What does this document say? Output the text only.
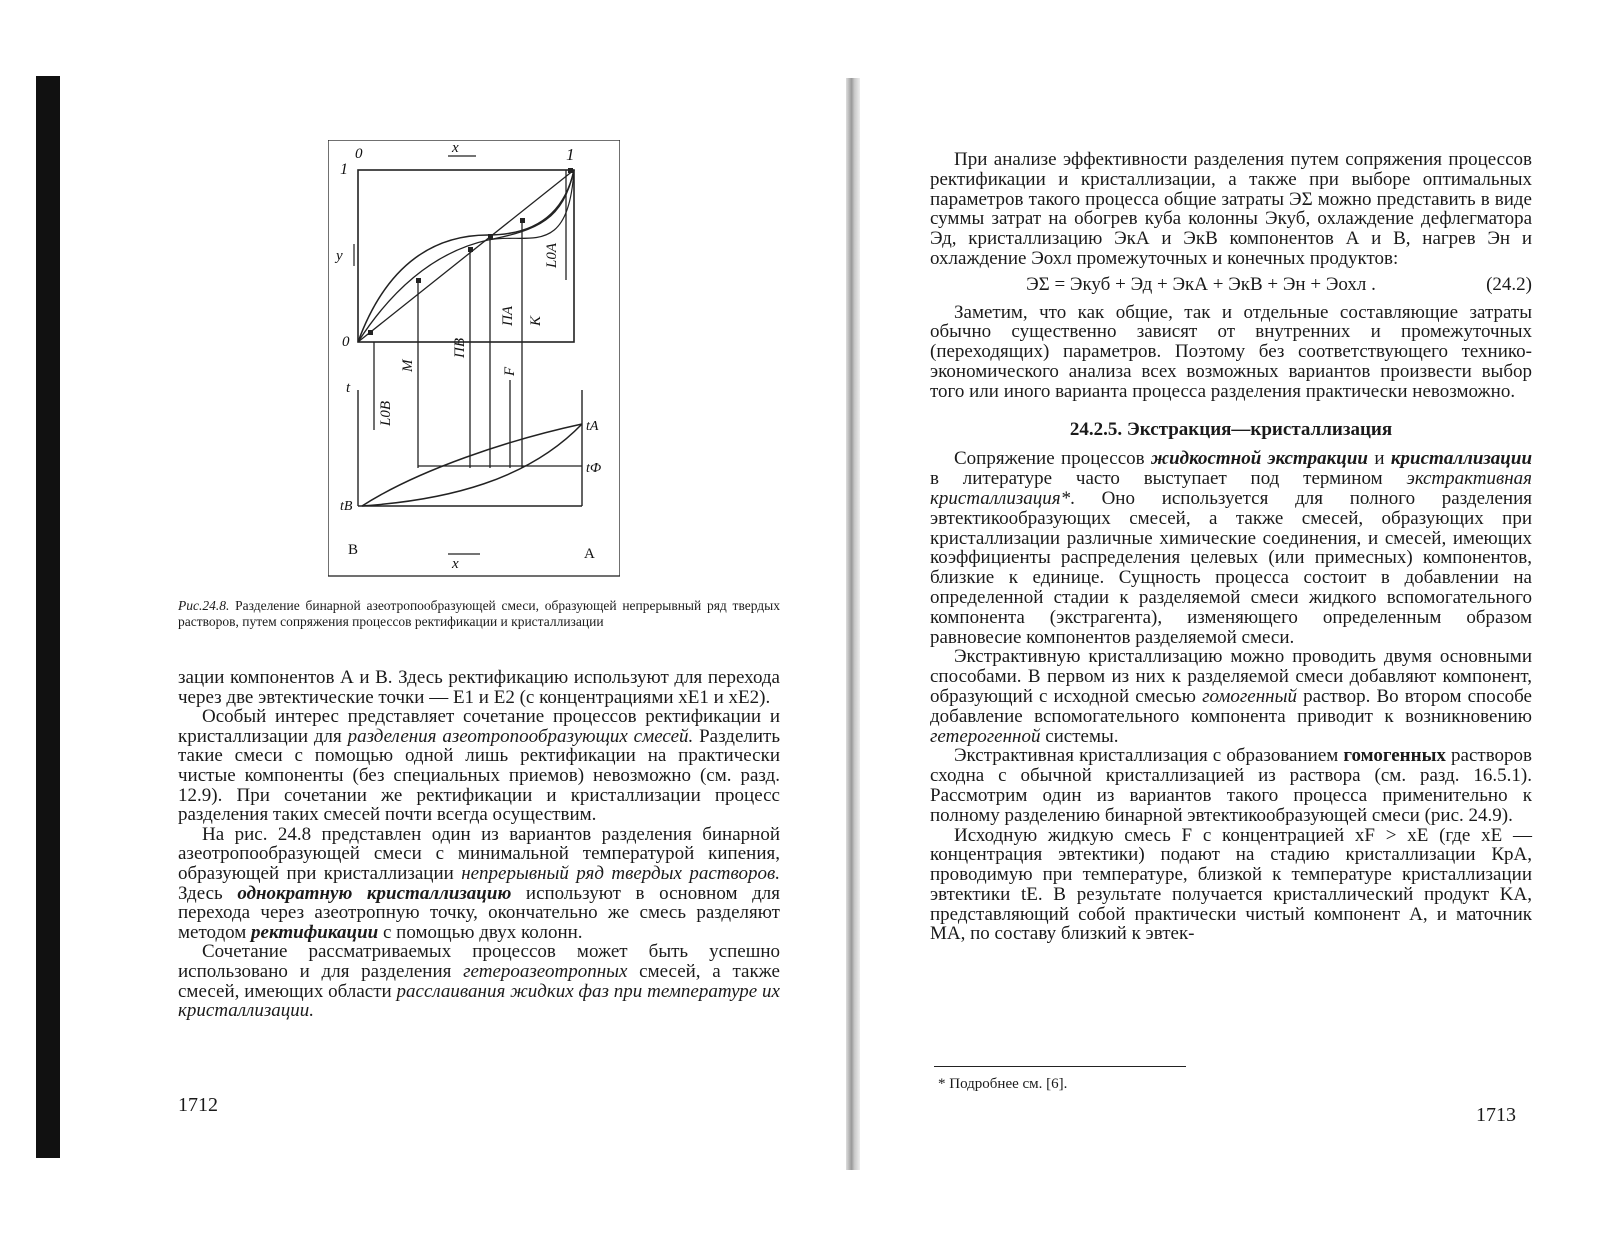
0	x	1
1
y
0
L0A
M
ПB
ПA K
F
L0B
t
tA
tФ
tB
B
x
A
Рис.24.8. Разделение бинарной азеотропообразующей смеси, образующей непрерывный ряд твердых растворов, путем сопряжения процессов ректификации и кристаллизации

зации компонентов А и В. Здесь ректификацию используют для перехода через две эвтектические точки — E1 и E2 (с концентрациями xE1 и xE2).

Особый интерес представляет сочетание процессов ректификации и кристаллизации для разделения азеотропообразующих смесей. Разделить такие смеси с помощью одной лишь ректификации на практически чистые компоненты (без специальных приемов) невозможно (см. разд. 12.9). При сочетании же ректификации и кристаллизации процесс разделения таких смесей почти всегда осуществим.

На рис. 24.8 представлен один из вариантов разделения бинарной азеотропообразующей смеси с минимальной температурой кипения, образующей при кристаллизации непрерывный ряд твердых растворов. Здесь однократную кристаллизацию используют в основном для перехода через азеотропную точку, окончательно же смесь разделяют методом ректификации с помощью двух колонн.

Сочетание рассматриваемых процессов может быть успешно использовано и для разделения гетероазеотропных смесей, а также смесей, имеющих области расслаивания жидких фаз при температуре их кристаллизации.

1712

При анализе эффективности разделения путем сопряжения процессов ректификации и кристаллизации, а также при выборе оптимальных параметров такого процесса общие затраты ЭΣ можно представить в виде суммы затрат на обогрев куба колонны Экуб, охлаждение дефлегматора Эд, кристаллизацию ЭкА и ЭкВ компонентов А и В, нагрев Эн и охлаждение Эохл промежуточных и конечных продуктов:

ЭΣ = Экуб + Эд + ЭкА + ЭкВ + Эн + Эохл .	(24.2)

Заметим, что как общие, так и отдельные составляющие затраты обычно существенно зависят от внутренних и промежуточных (переходящих) параметров. Поэтому без соответствующего технико-экономического анализа всех возможных вариантов произвести выбор того или иного варианта процесса разделения практически невозможно.

24.2.5. Экстракция—кристаллизация

Сопряжение процессов жидкостной экстракции и кристаллизации в литературе часто выступает под термином экстрактивная кристаллизация*. Оно используется для полного разделения эвтектикообразующих смесей, а также смесей, образующих при кристаллизации различные химические соединения, и смесей, имеющих коэффициенты распределения целевых (или примесных) компонентов, близкие к единице. Сущность процесса состоит в добавлении на определенной стадии к разделяемой смеси жидкого вспомогательного компонента (экстрагента), изменяющего определенным образом равновесие компонентов разделяемой смеси.

Экстрактивную кристаллизацию можно проводить двумя основными способами. В первом из них к разделяемой смеси добавляют компонент, образующий с исходной смесью гомогенный раствор. Во втором способе добавление вспомогательного компонента приводит к возникновению гетерогенной системы.

Экстрактивная кристаллизация с образованием гомогенных растворов сходна с обычной кристаллизацией из раствора (см. разд. 16.5.1). Рассмотрим один из вариантов такого процесса применительно к полному разделению бинарной эвтектикообразующей смеси (рис. 24.9).

Исходную жидкую смесь F с концентрацией xF > xE (где xE — концентрация эвтектики) подают на стадию кристаллизации КрА, проводимую при температуре, близкой к температуре кристаллизации эвтектики tE. В результате получается кристаллический продукт KA, представляющий собой практически чистый компонент А, и маточник MA, по составу близкий к эвтек-

* Подробнее см. [6].
1713
